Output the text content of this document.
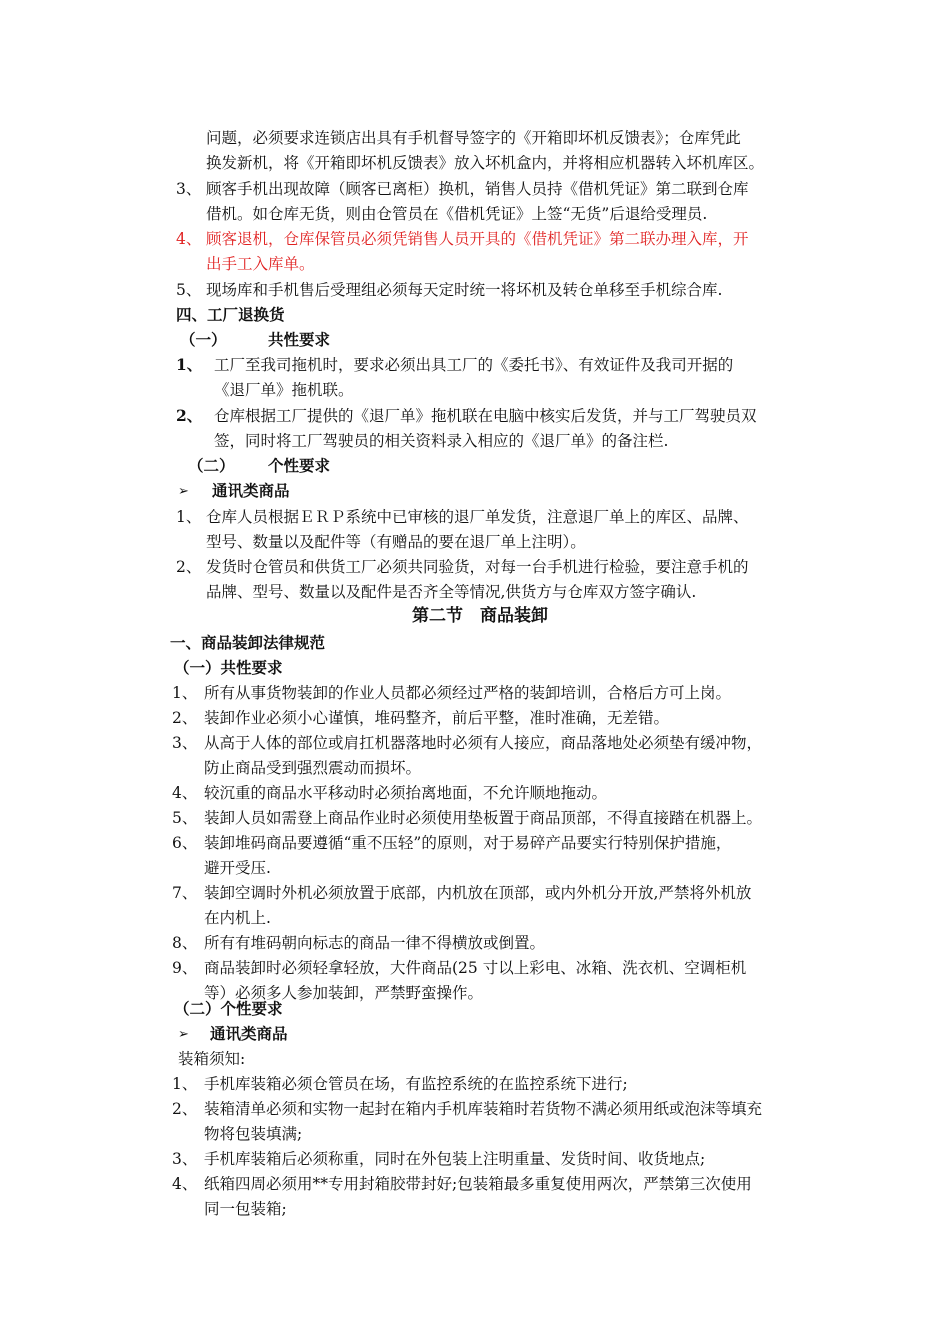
问题，必须要求连锁店出具有手机督导签字的《开箱即坏机反馈表》；仓库凭此
换发新机，将《开箱即坏机反馈表》放入坏机盒内，并将相应机器转入坏机库区。
3、 顾客手机出现故障（顾客已离柜）换机，销售人员持《借机凭证》第二联到仓库
借机。如仓库无货，则由仓管员在《借机凭证》上签“无货”后退给受理员.
4、 顾客退机，仓库保管员必须凭销售人员开具的《借机凭证》第二联办理入库，开
出手工入库单。
5、 现场库和手机售后受理组必须每天定时统一将坏机及转仓单移至手机综合库.
四、工厂退换货
（一）	共性要求
1、 工厂至我司拖机时，要求必须出具工厂的《委托书》、有效证件及我司开据的
《退厂单》拖机联。
2、 仓库根据工厂提供的《退厂单》拖机联在电脑中核实后发货，并与工厂驾驶员双
签，同时将工厂驾驶员的相关资料录入相应的《退厂单》的备注栏.
（二） 个性要求
➢ 通讯类商品
1、 仓库人员根据ＥＲＰ系统中已审核的退厂单发货，注意退厂单上的库区、品牌、
型号、数量以及配件等（有赠品的要在退厂单上注明）。
2、 发货时仓管员和供货工厂必须共同验货，对每一台手机进行检验，要注意手机的
品牌、型号、数量以及配件是否齐全等情况,供货方与仓库双方签字确认.
第二节　商品装卸
一、商品装卸法律规范
（一）共性要求
1、 所有从事货物装卸的作业人员都必须经过严格的装卸培训，合格后方可上岗。
2、 装卸作业必须小心谨慎，堆码整齐，前后平整，准时准确，无差错。
3、 从高于人体的部位或肩扛机器落地时必须有人接应，商品落地处必须垫有缓冲物，
防止商品受到强烈震动而损坏。
4、 较沉重的商品水平移动时必须抬离地面，不允许顺地拖动。
5、 装卸人员如需登上商品作业时必须使用垫板置于商品顶部，不得直接踏在机器上。
6、 装卸堆码商品要遵循“重不压轻”的原则，对于易碎产品要实行特别保护措施，
避开受压.
7、 装卸空调时外机必须放置于底部，内机放在顶部，或内外机分开放,严禁将外机放
在内机上.
8、 所有有堆码朝向标志的商品一律不得横放或倒置。
9、 商品装卸时必须轻拿轻放，大件商品(25 寸以上彩电、冰箱、洗衣机、空调柜机
等）必须多人参加装卸，严禁野蛮操作。
（二）个性要求
➢ 通讯类商品
装箱须知:
1、 手机库装箱必须仓管员在场，有监控系统的在监控系统下进行;
2、 装箱清单必须和实物一起封在箱内手机库装箱时若货物不满必须用纸或泡沫等填充
物将包装填满;
3、 手机库装箱后必须称重，同时在外包装上注明重量、发货时间、收货地点;
4、 纸箱四周必须用**专用封箱胶带封好;包装箱最多重复使用两次，严禁第三次使用
同一包装箱;
